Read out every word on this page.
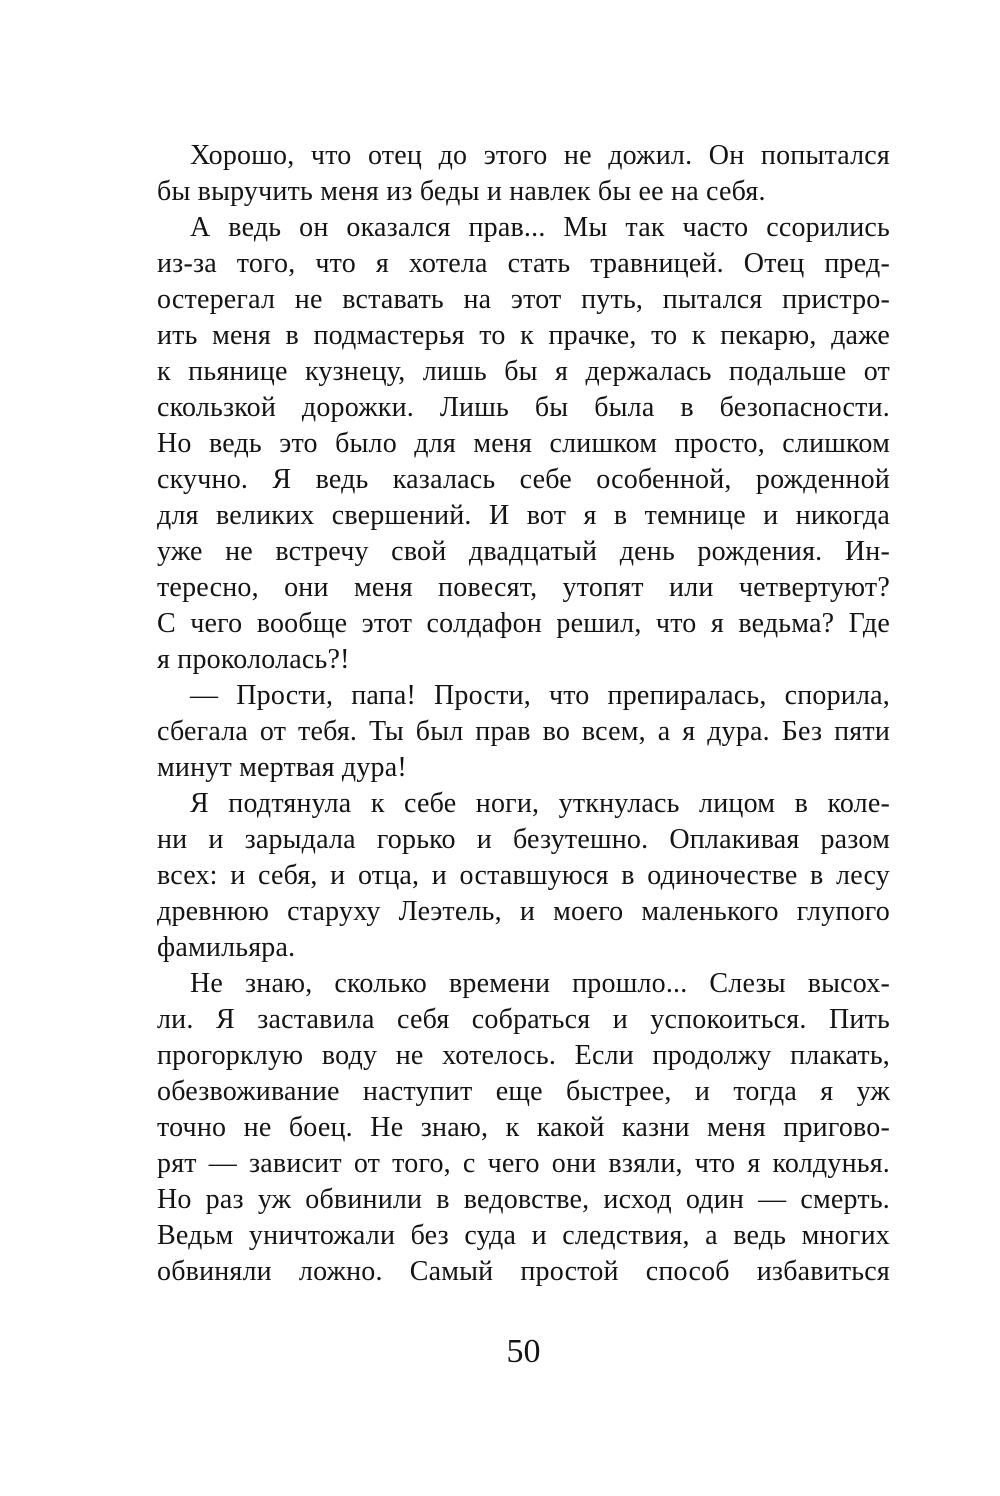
Хорошо, что отец до этого не дожил. Он попытался
бы выручить меня из беды и навлек бы ее на себя.
А ведь он оказался прав... Мы так часто ссорились
из-за того, что я хотела стать травницей. Отец пред-
остерегал не вставать на этот путь, пытался пристро-
ить меня в подмастерья то к прачке, то к пекарю, даже
к пьянице кузнецу, лишь бы я держалась подальше от
скользкой дорожки. Лишь бы была в безопасности.
Но ведь это было для меня слишком просто, слишком
скучно. Я ведь казалась себе особенной, рожденной
для великих свершений. И вот я в темнице и никогда
уже не встречу свой двадцатый день рождения. Ин-
тересно, они меня повесят, утопят или четвертуют?
С чего вообще этот солдафон решил, что я ведьма? Где
я прокололась?!
— Прости, папа! Прости, что препиралась, спорила,
сбегала от тебя. Ты был прав во всем, а я дура. Без пяти
минут мертвая дура!
Я подтянула к себе ноги, уткнулась лицом в коле-
ни и зарыдала горько и безутешно. Оплакивая разом
всех: и себя, и отца, и оставшуюся в одиночестве в лесу
древнюю старуху Леэтель, и моего маленького глупого
фамильяра.
Не знаю, сколько времени прошло... Слезы высох-
ли. Я заставила себя собраться и успокоиться. Пить
прогорклую воду не хотелось. Если продолжу плакать,
обезвоживание наступит еще быстрее, и тогда я уж
точно не боец. Не знаю, к какой казни меня пригово-
рят — зависит от того, с чего они взяли, что я колдунья.
Но раз уж обвинили в ведовстве, исход один — смерть.
Ведьм уничтожали без суда и следствия, а ведь многих
обвиняли ложно. Самый простой способ избавиться
50
